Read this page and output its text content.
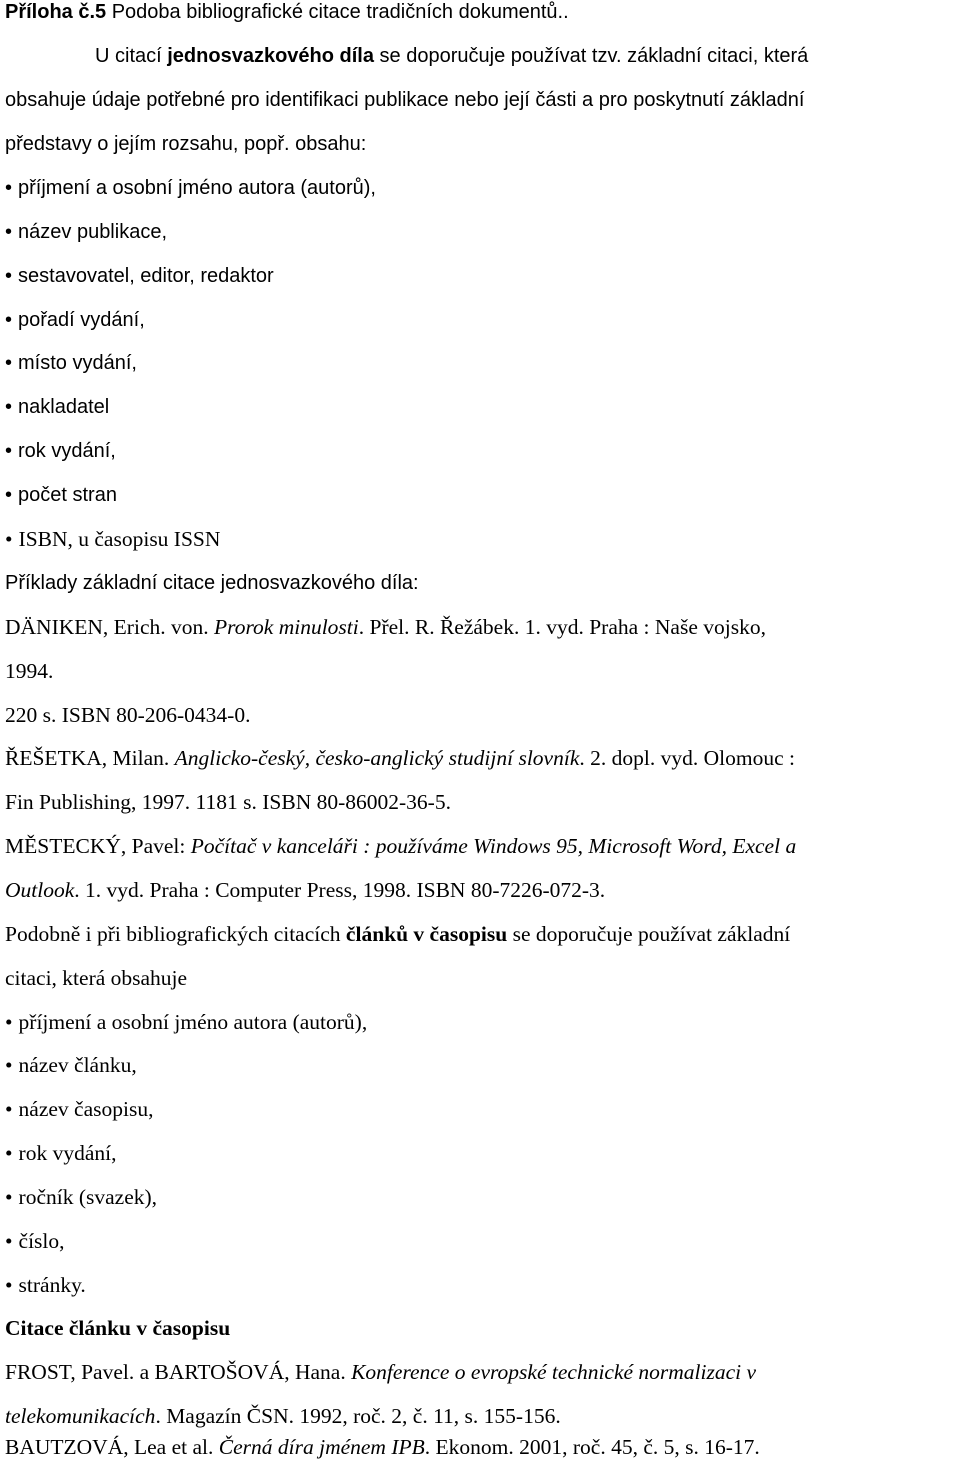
Příloha č.5 Podoba bibliografické citace tradičních dokumentů..
U citací jednosvazkového díla se doporučuje používat tzv. základní citaci, která
obsahuje údaje potřebné pro identifikaci publikace nebo její části a pro poskytnutí základní
představy o jejím rozsahu, popř. obsahu:
• příjmení a osobní jméno autora (autorů),
• název publikace,
• sestavovatel, editor, redaktor
• pořadí vydání,
• místo vydání,
• nakladatel
• rok vydání,
• počet stran
• ISBN, u časopisu ISSN
Příklady základní citace jednosvazkového díla:
DÄNIKEN, Erich. von. Prorok minulosti. Přel. R. Řežábek. 1. vyd. Praha : Naše vojsko,
1994.
220 s. ISBN 80-206-0434-0.
ŘEŠETKA, Milan. Anglicko-český, česko-anglický studijní slovník. 2. dopl. vyd. Olomouc :
Fin Publishing, 1997. 1181 s. ISBN 80-86002-36-5.
MĚSTECKÝ, Pavel: Počítač v kanceláři : používáme Windows 95, Microsoft Word, Excel a
Outlook. 1. vyd. Praha : Computer Press, 1998. ISBN 80-7226-072-3.
Podobně i při bibliografických citacích článků v časopisu se doporučuje používat základní
citaci, která obsahuje
• příjmení a osobní jméno autora (autorů),
• název článku,
• název časopisu,
• rok vydání,
• ročník (svazek),
• číslo,
• stránky.
Citace článku v časopisu
FROST, Pavel. a BARTOŠOVÁ, Hana. Konference o evropské technické normalizaci v
telekomunikacích. Magazín ČSN. 1992, roč. 2, č. 11, s. 155-156.
BAUTZOVÁ, Lea et al. Černá díra jménem IPB. Ekonom. 2001, roč. 45, č. 5, s. 16-17.
